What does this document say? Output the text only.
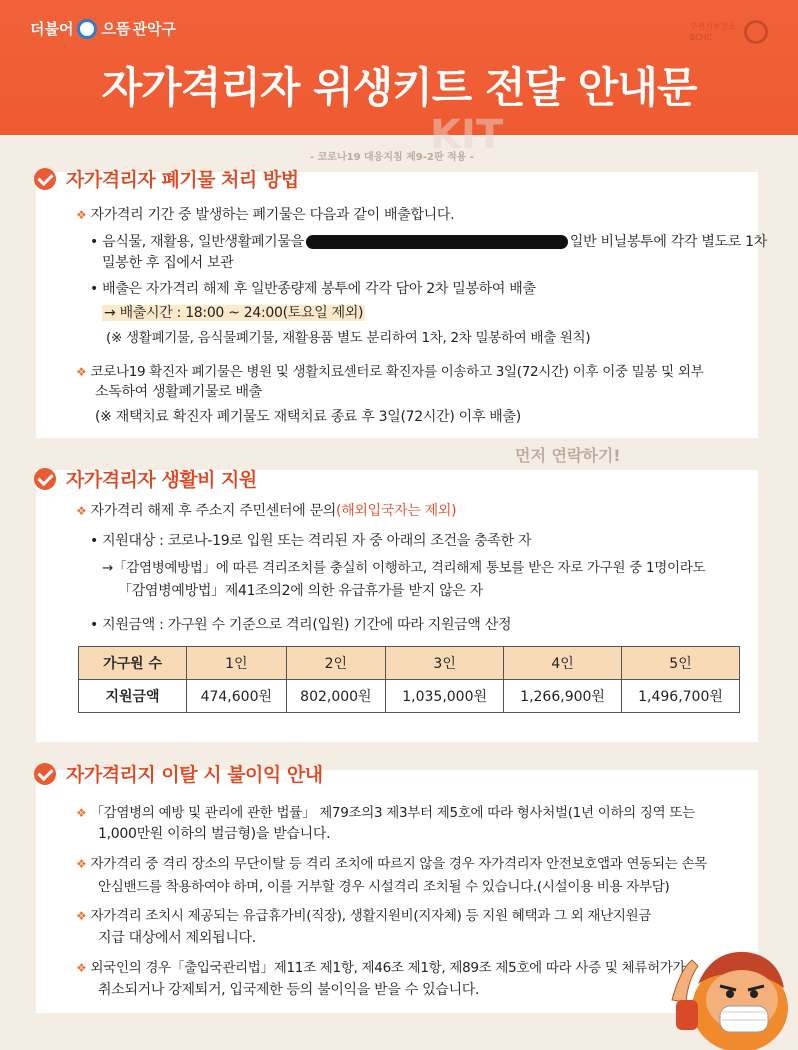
더불어 으뜸 관악구	부천시보건소
BCHC
자가격리자 위생키트 전달 안내문
KIT
- 코로나19 대응지침 제9-2판 적용 -
먼저 연락하기!
자가격리자 폐기물 처리 방법
❖ 자가격리 기간 중 발생하는 폐기물은 다음과 같이 배출합니다.
• 음식물, 재활용, 일반생활폐기물을	일반 비닐봉투에 각각 별도로 1차
밀봉한 후 집에서 보관
• 배출은 자가격리 해제 후 일반종량제 봉투에 각각 담아 2차 밀봉하여 배출
→ 배출시간 : 18:00 ~ 24:00(토요일 제외)
(※ 생활폐기물, 음식물폐기물, 재활용품 별도 분리하여 1차, 2차 밀봉하여 배출 원칙)
❖ 코로나19 확진자 폐기물은 병원 및 생활치료센터로 확진자를 이송하고 3일(72시간) 이후 이중 밀봉 및 외부
소독하여 생활폐기물로 배출
(※ 재택치료 확진자 폐기물도 재택치료 종료 후 3일(72시간) 이후 배출)
자가격리자 생활비 지원
❖ 자가격리 해제 후 주소지 주민센터에 문의(해외입국자는 제외)
• 지원대상 : 코로나-19로 입원 또는 격리된 자 중 아래의 조건을 충족한 자
→「감염병예방법」에 따른 격리조치를 충실히 이행하고, 격리해제 통보를 받은 자로 가구원 중 1명이라도
「감염병예방법」제41조의2에 의한 유급휴가를 받지 않은 자
• 지원금액 : 가구원 수 기준으로 격리(입원) 기간에 따라 지원금액 산정
가구원 수	1인	2인	3인	4인	5인
지원금액	474,600원	802,000원	1,035,000원	1,266,900원	1,496,700원
자가격리지 이탈 시 불이익 안내
❖ 「감염병의 예방 및 관리에 관한 법률」 제79조의3 제3부터 제5호에 따라 형사처벌(1년 이하의 징역 또는
1,000만원 이하의 벌금형)을 받습니다.
❖ 자가격리 중 격리 장소의 무단이탈 등 격리 조치에 따르지 않을 경우 자가격리자 안전보호앱과 연동되는 손목
안심밴드를 착용하여야 하며, 이를 거부할 경우 시설격리 조치될 수 있습니다.(시설이용 비용 자부담)
❖ 자가격리 조치시 제공되는 유급휴가비(직장), 생활지원비(지자체) 등 지원 혜택과 그 외 재난지원금
지급 대상에서 제외됩니다.
❖ 외국인의 경우「출입국관리법」제11조 제1항, 제46조 제1항, 제89조 제5호에 따라 사증 및 체류허가가
취소되거나 강제퇴거, 입국제한 등의 불이익을 받을 수 있습니다.
